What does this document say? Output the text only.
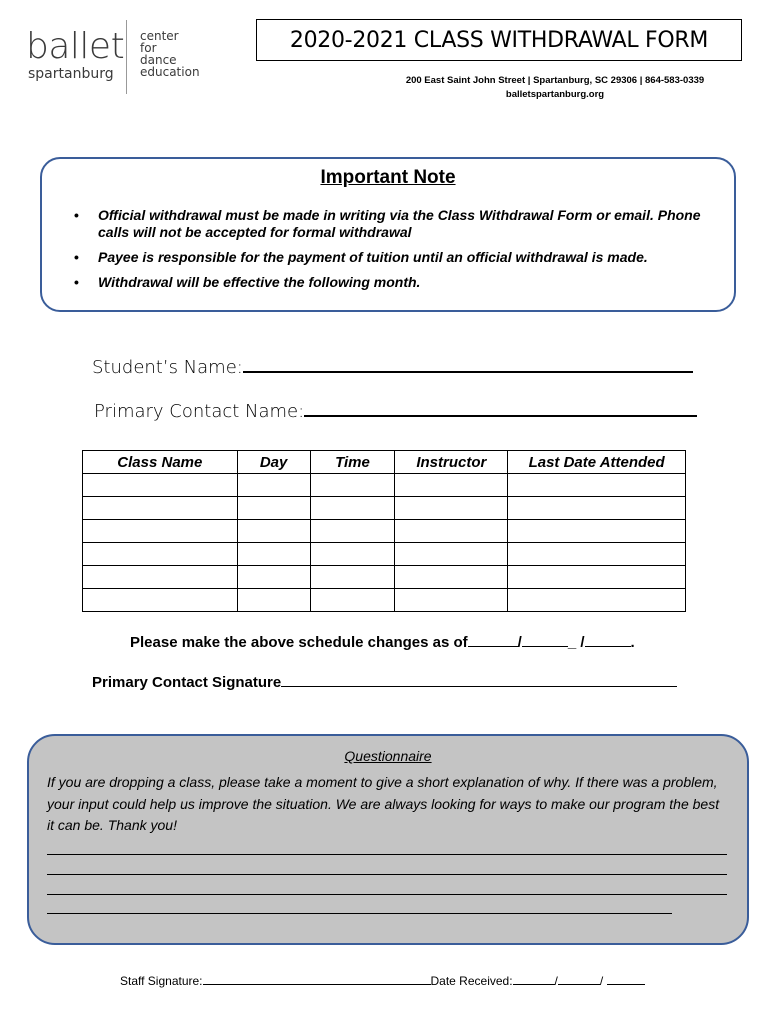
ballet
spartanburg
center
for
dance
education
2020-2021 CLASS WITHDRAWAL FORM
200 East Saint John Street | Spartanburg, SC 29306 | 864-583-0339
balletspartanburg.org
Important Note
• Official withdrawal must be made in writing via the Class Withdrawal Form or email. Phone calls will not be accepted for formal withdrawal
• Payee is responsible for the payment of tuition until an official withdrawal is made.
• Withdrawal will be effective the following month.
Student’s Name:
Primary Contact Name:
Class Name	Day	Time	Instructor	Last Date Attended

Please make the above schedule changes as of	/	_ /	.
Primary Contact Signature
Questionnaire
If you are dropping a class, please take a moment to give a short explanation of why. If there was a problem, your input could help us improve the situation. We are always looking for ways to make our program the best it can be. Thank you!
Staff Signature:	Date Received:	/	/
